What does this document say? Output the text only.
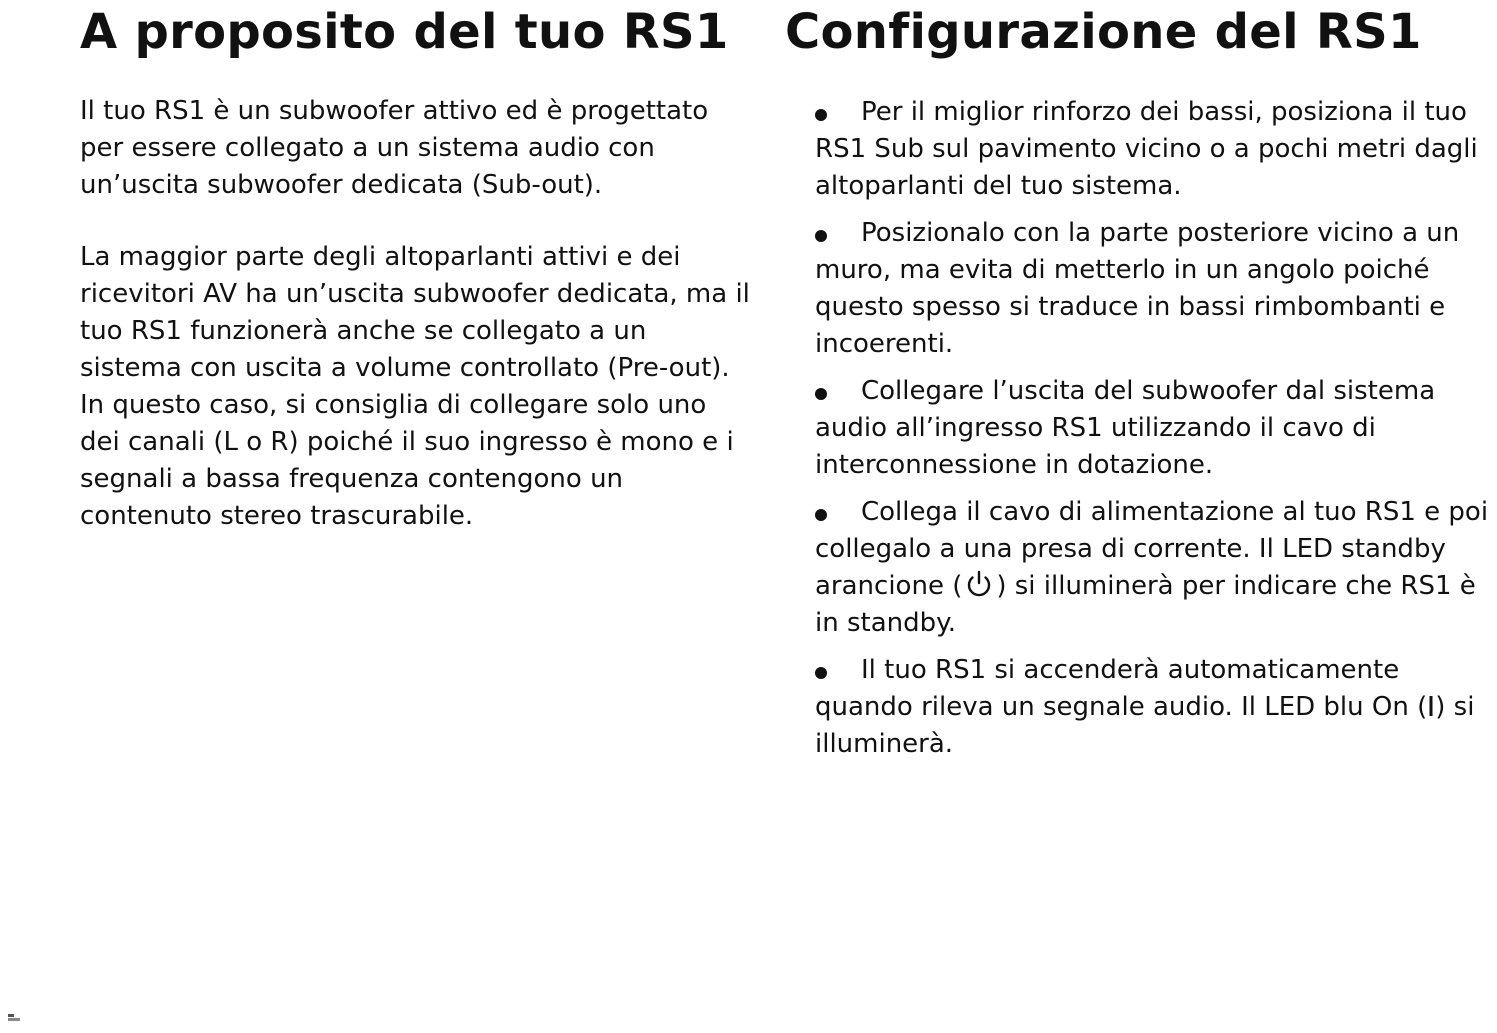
A proposito del tuo RS1

Il tuo RS1 è un subwoofer attivo ed è progettato per essere collegato a un sistema audio con un’uscita subwoofer dedicata (Sub-out).

La maggior parte degli altoparlanti attivi e dei ricevitori AV ha un’uscita subwoofer dedicata, ma il tuo RS1 funzionerà anche se collegato a un sistema con uscita a volume controllato (Pre-out). In questo caso, si consiglia di collegare solo uno dei canali (L o R) poiché il suo ingresso è mono e i segnali a bassa frequenza contengono un contenuto stereo trascurabile.

Configurazione del RS1
Per il miglior rinforzo dei bassi, posiziona il tuo RS1 Sub sul pavimento vicino o a pochi metri dagli altoparlanti del tuo sistema.
Posizionalo con la parte posteriore vicino a un muro, ma evita di metterlo in un angolo poiché questo spesso si traduce in bassi rimbombanti e incoerenti.
Collegare l’uscita del subwoofer dal sistema audio all’ingresso RS1 utilizzando il cavo di interconnessione in dotazione.
Collega il cavo di alimentazione al tuo RS1 e poi collegalo a una presa di corrente. Il LED standby arancione ( ) si illuminerà per indicare che RS1 è in standby.
Il tuo RS1 si accenderà automaticamente quando rileva un segnale audio. Il LED blu On ( ) si illuminerà.
